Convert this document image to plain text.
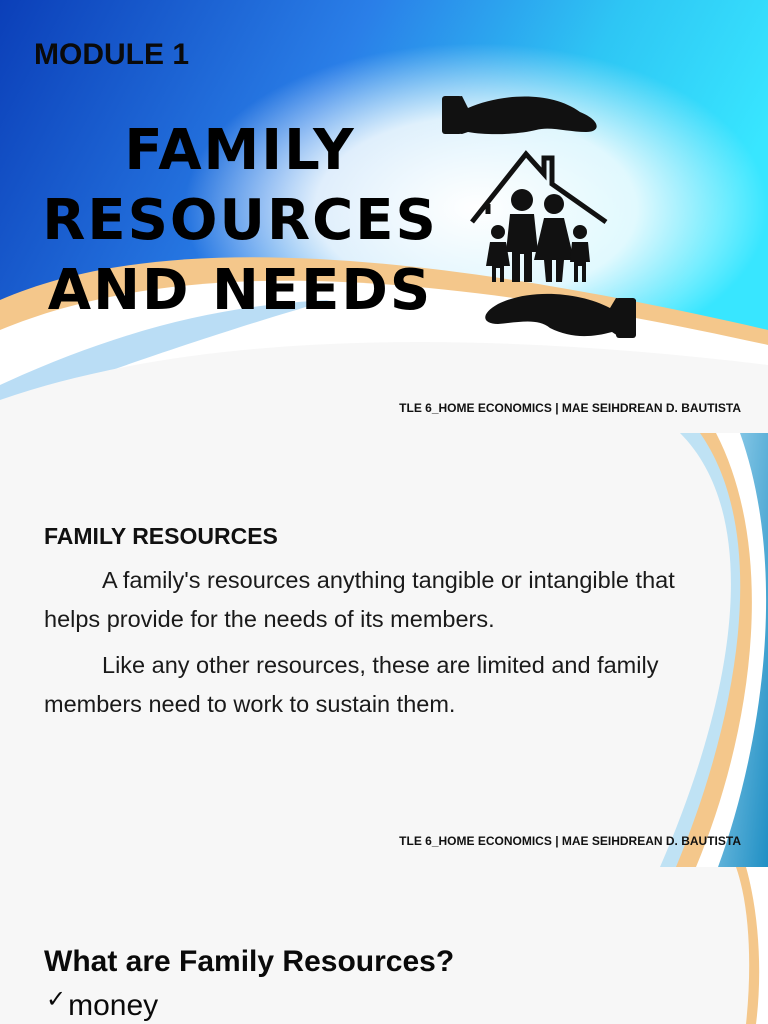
MODULE 1
FAMILY
RESOURCES
AND NEEDS
TLE 6_HOME ECONOMICS | MAE SEIHDREAN D. BAUTISTA
FAMILY RESOURCES

A family's resources anything tangible or intangible that helps provide for the needs of its members.

Like any other resources, these are limited and family members need to work to sustain them.

TLE 6_HOME ECONOMICS | MAE SEIHDREAN D. BAUTISTA
What are Family Resources?
✓money
